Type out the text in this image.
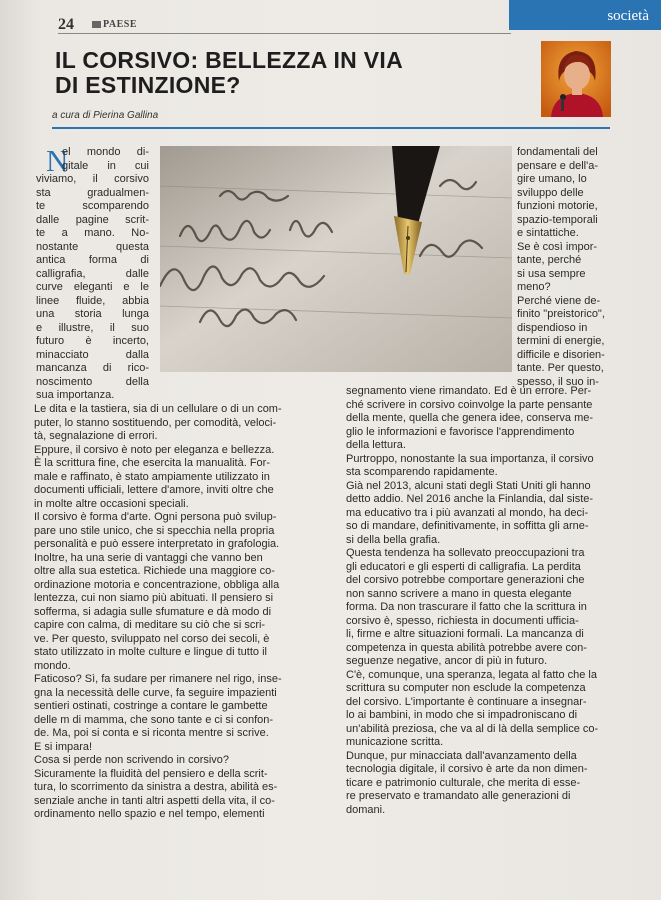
24	PAESE
società
IL CORSIVO: BELLEZZA IN VIA
DI ESTINZIONE?
a cura di Pierina Gallina
N
el mondo di-
gitale in cui
viviamo, il corsivo
sta gradualmen-
te scomparendo
dalle pagine scrit-
te a mano. No-
nostante questa
antica forma di
calligrafia, dalle
curve eleganti e le
linee fluide, abbia
una storia lunga
e illustre, il suo
futuro è incerto,
minacciato dalla
mancanza di rico-
noscimento della
sua importanza.
fondamentali del
pensare e dell'a-
gire umano, lo
sviluppo delle
funzioni motorie,
spazio-temporali
e sintattiche.
Se è così impor-
tante, perché
si usa sempre
meno?
Perché viene de-
finito "preistorico",
dispendioso in
termini di energie,
difficile e disorien-
tante. Per questo,
spesso, il suo in-
Le dita e la tastiera, sia di un cellulare o di un com-
puter, lo stanno sostituendo, per comodità, veloci-
tà, segnalazione di errori.
Eppure, il corsivo è noto per eleganza e bellezza.
È la scrittura fine, che esercita la manualità. For-
male e raffinato, è stato ampiamente utilizzato in
documenti ufficiali, lettere d'amore, inviti oltre che
in molte altre occasioni speciali.
Il corsivo è forma d'arte. Ogni persona può svilup-
pare uno stile unico, che si specchia nella propria
personalità e può essere interpretato in grafologia.
Inoltre, ha una serie di vantaggi che vanno ben
oltre alla sua estetica. Richiede una maggiore co-
ordinazione motoria e concentrazione, obbliga alla
lentezza, cui non siamo più abituati. Il pensiero si
sofferma, si adagia sulle sfumature e dà modo di
capire con calma, di meditare su ciò che si scri-
ve. Per questo, sviluppato nel corso dei secoli, è
stato utilizzato in molte culture e lingue di tutto il
mondo.
Faticoso? Sì, fa sudare per rimanere nel rigo, inse-
gna la necessità delle curve, fa seguire impazienti
sentieri ostinati, costringe a contare le gambette
delle m di mamma, che sono tante e ci si confon-
de. Ma, poi si conta e si riconta mentre si scrive.
E si impara!
Cosa si perde non scrivendo in corsivo?
Sicuramente la fluidità del pensiero e della scrit-
tura, lo scorrimento da sinistra a destra, abilità es-
senziale anche in tanti altri aspetti della vita, il co-
ordinamento nello spazio e nel tempo, elementi
segnamento viene rimandato. Ed è un errore. Per-
ché scrivere in corsivo coinvolge la parte pensante
della mente, quella che genera idee, conserva me-
glio le informazioni e favorisce l'apprendimento
della lettura.
Purtroppo, nonostante la sua importanza, il corsivo
sta scomparendo rapidamente.
Già nel 2013, alcuni stati degli Stati Uniti gli hanno
detto addio. Nel 2016 anche la Finlandia, dal siste-
ma educativo tra i più avanzati al mondo, ha deci-
so di mandare, definitivamente, in soffitta gli arne-
si della bella grafia.
Questa tendenza ha sollevato preoccupazioni tra
gli educatori e gli esperti di calligrafia. La perdita
del corsivo potrebbe comportare generazioni che
non sanno scrivere a mano in questa elegante
forma. Da non trascurare il fatto che la scrittura in
corsivo è, spesso, richiesta in documenti ufficia-
li, firme e altre situazioni formali. La mancanza di
competenza in questa abilità potrebbe avere con-
seguenze negative, ancor di più in futuro.
C'è, comunque, una speranza, legata al fatto che la
scrittura su computer non esclude la competenza
del corsivo. L'importante è continuare a insegnar-
lo ai bambini, in modo che si impadroniscano di
un'abilità preziosa, che va al di là della semplice co-
municazione scritta.
Dunque, pur minacciata dall'avanzamento della
tecnologia digitale, il corsivo è arte da non dimen-
ticare e patrimonio culturale, che merita di esse-
re preservato e tramandato alle generazioni di
domani.
